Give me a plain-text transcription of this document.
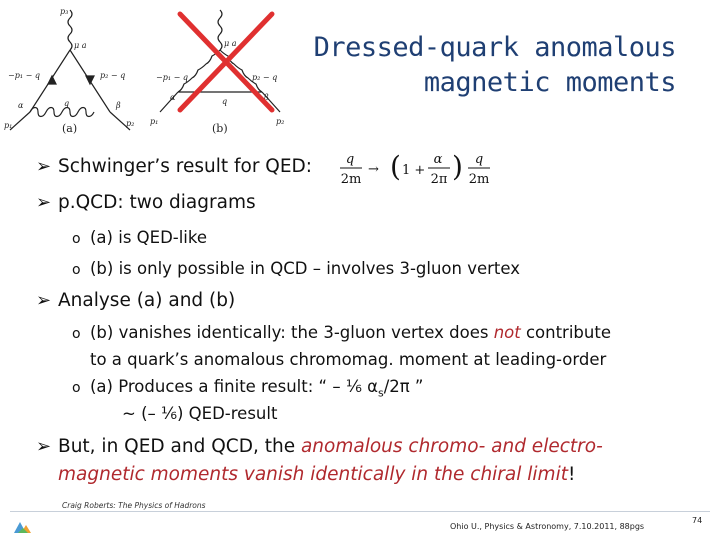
p₃
μ a
−p₁ − q	p₂ − q
α	β
p₁	p₂
q
(a)
μ a
−p₁ − q	p₂ − q
α	β
p₁	p₂
q
(b)
Dressed-quark anomalous
magnetic moments
➢ Schwinger’s result for QED:	q
2m
→ ( 1 +
α
2π ) q
2m
➢ p.QCD: two diagrams
o (a) is QED-like
o (b) is only possible in QCD – involves 3-gluon vertex
➢ Analyse (a) and (b)
o (b) vanishes identically: the 3-gluon vertex does not contribute
to a quark’s anomalous chromomag. moment at leading-order
o (a) Produces a finite result: “ – ⅙ $\alpha_s/2\pi$ ”
~ (– ⅙) QED-result
➢ But, in QED and QCD, the anomalous chromo- and electro-
magnetic moments vanish identically in the chiral limit!
Craig Roberts: The Physics of Hadrons
Ohio U., Physics & Astronomy, 7.10.2011, 88pgs
74
